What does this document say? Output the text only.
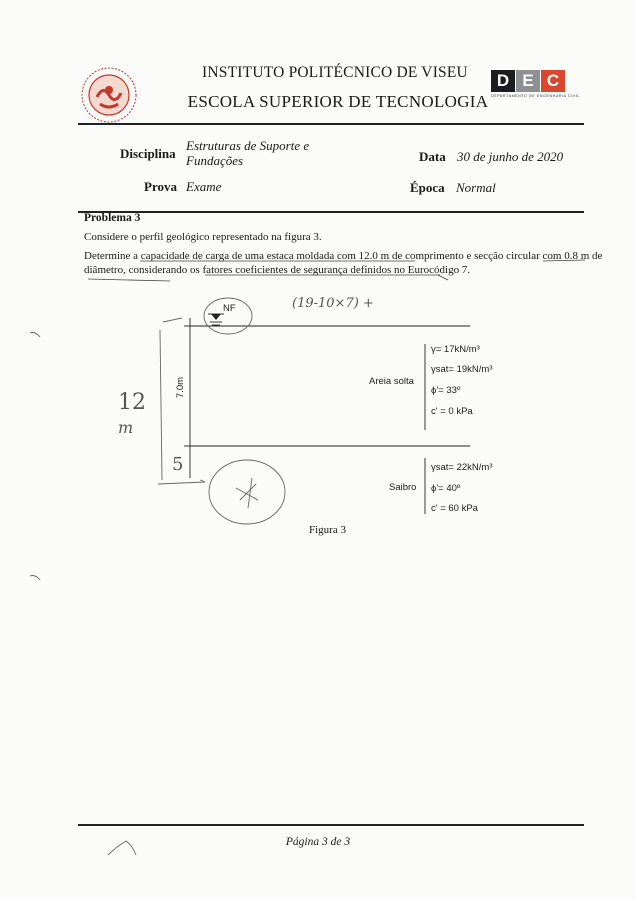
INSTITUTO POLITÉCNICO DE VISEU
ESCOLA SUPERIOR DE TECNOLOGIA
D E C
DEPARTAMENTO DE ENGENHARIA CIVIL
Disciplina
Estruturas de Suporte e
Fundações	Data 30 de junho de 2020
Prova Exame	Época Normal
Problema 3
Considere o perfil geológico representado na figura 3.
Determine a capacidade de carga de uma estaca moldada com 12.0 m de comprimento e secção circular com 0.8 m de
diâmetro, considerando os fatores coeficientes de segurança definidos no Eurocódigo 7.
NF
7.0m	Areia solta
γ= 17kN/m³
γsat= 19kN/m³
ϕ'= 33º
c' = 0 kPa
Saibro
γsat= 22kN/m³
ϕ'= 40º
c' = 60 kPa
Figura 3
(19-10×7) +
12
m
5
Página 3 de 3
